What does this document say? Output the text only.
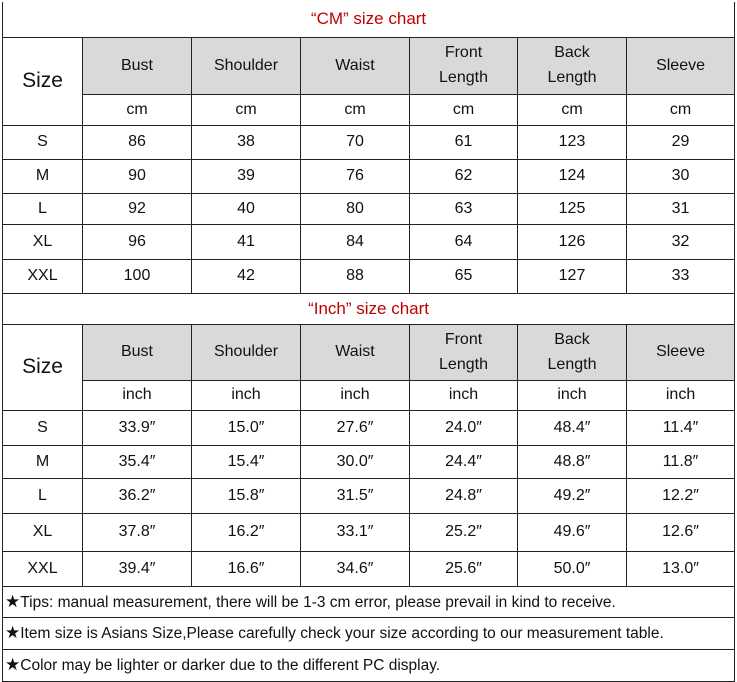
“CM” size chart						
Size	Bust	Shoulder	Waist	Front Length	Back Length	Sleeve
	cm	cm	cm	cm	cm	cm
S	86	38	70	61	123	29
M	90	39	76	62	124	30
L	92	40	80	63	125	31
XL	96	41	84	64	126	32
XXL	100	42	88	65	127	33
“Inch” size chart						
Size	Bust	Shoulder	Waist	Front Length	Back Length	Sleeve
	inch	inch	inch	inch	inch	inch
S	33.9″	15.0″	27.6″	24.0″	48.4″	11.4″
M	35.4″	15.4″	30.0″	24.4″	48.8″	11.8″
L	36.2″	15.8″	31.5″	24.8″	49.2″	12.2″
XL	37.8″	16.2″	33.1″	25.2″	49.6″	12.6″
XXL	39.4″	16.6″	34.6″	25.6″	50.0″	13.0″
★Tips: manual measurement, there will be 1-3 cm error, please prevail in kind to receive.						
★Item size is Asians Size,Please carefully check your size according to our measurement table.						
★Color may be lighter or darker due to the different PC display.						
